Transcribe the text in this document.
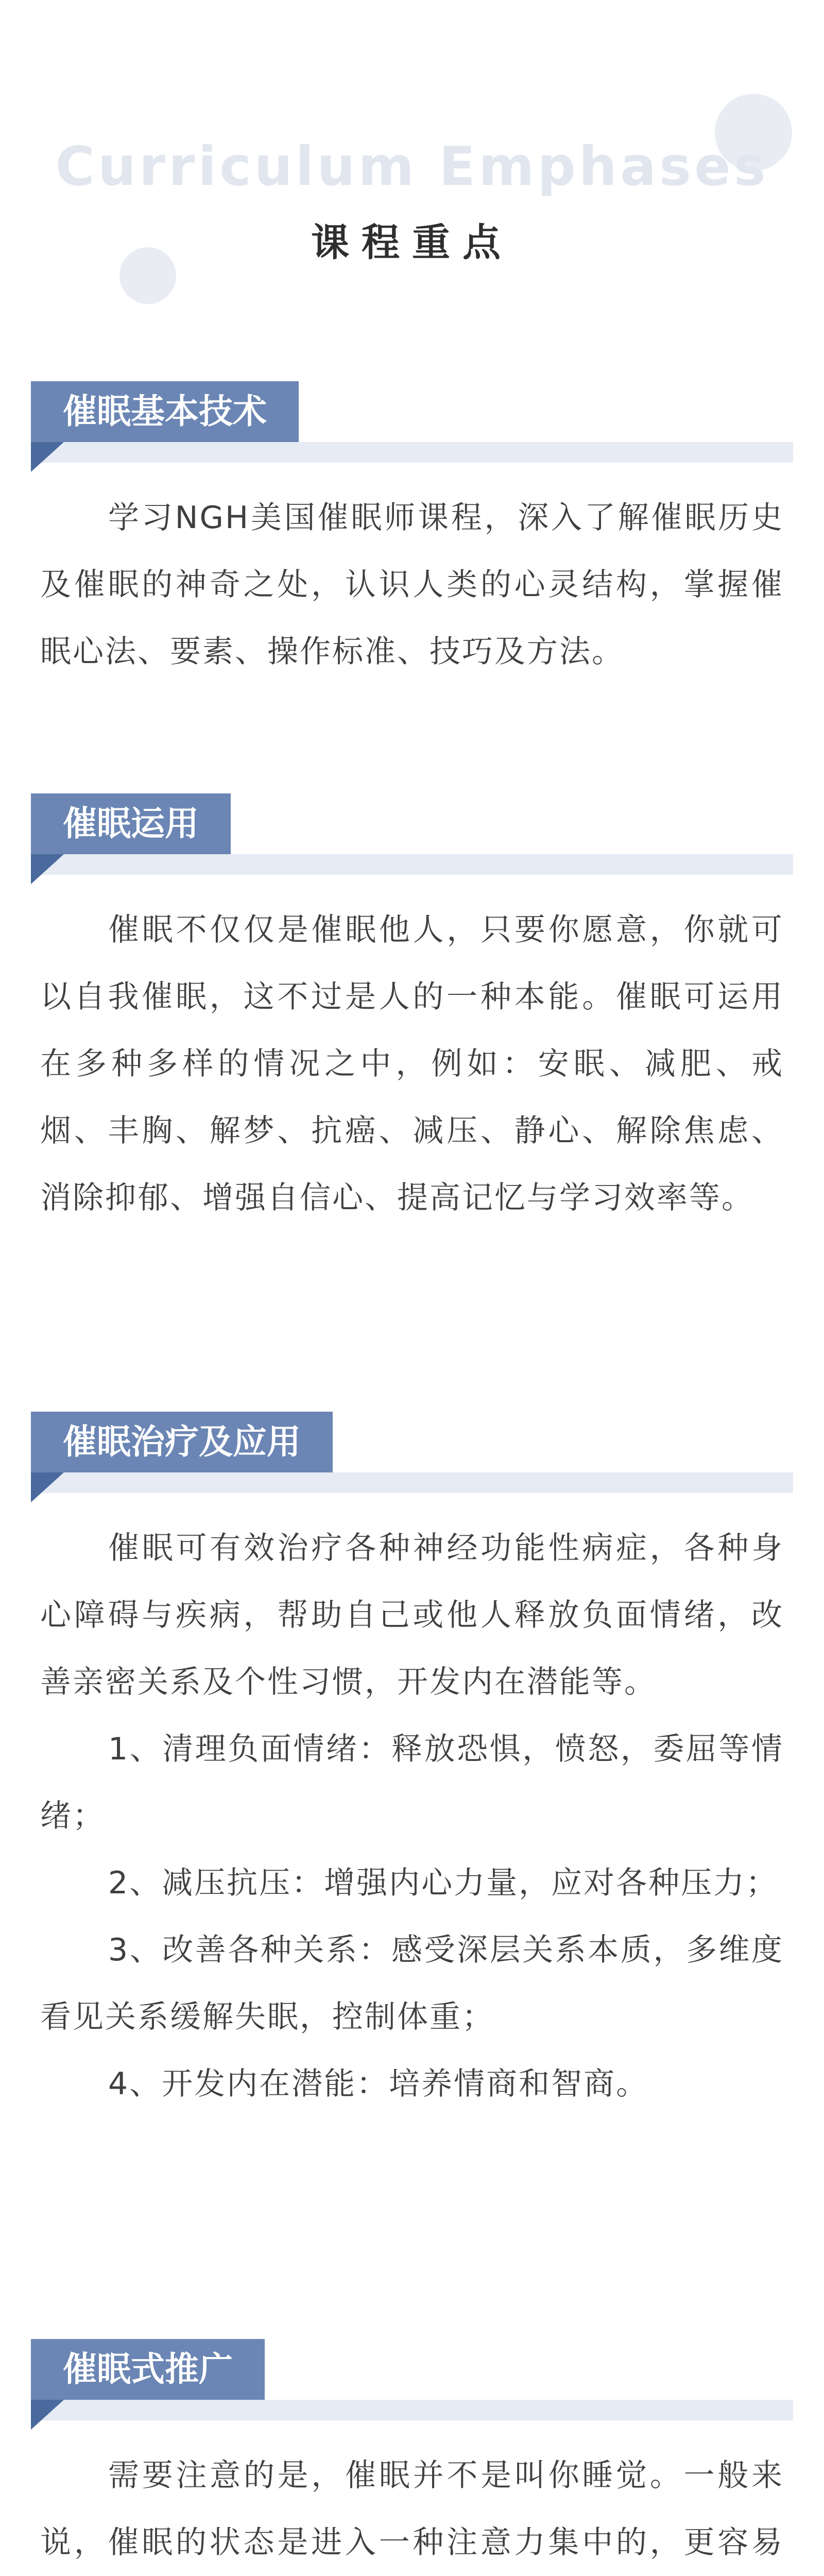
Curriculum Emphases
课程重点
催眠基本技术

学习NGH美国催眠师课程，深入了解催眠历史及催眠的神奇之处，认识人类的心灵结构，掌握催眠心法、要素、操作标准、技巧及方法。

催眠运用

催眠不仅仅是催眠他人，只要你愿意，你就可以自我催眠，这不过是人的一种本能。催眠可运用在多种多样的情况之中，例如：安眠、减肥、戒烟、丰胸、解梦、抗癌、减压、静心、解除焦虑、消除抑郁、增强自信心、提高记忆与学习效率等。

催眠治疗及应用

催眠可有效治疗各种神经功能性病症，各种身心障碍与疾病，帮助自己或他人释放负面情绪，改善亲密关系及个性习惯，开发内在潜能等。

1、清理负面情绪：释放恐惧，愤怒，委屈等情绪；

2、减压抗压：增强内心力量，应对各种压力；

3、改善各种关系：感受深层关系本质，多维度看见关系缓解失眠，控制体重；

4、开发内在潜能：培养情商和智商。

催眠式推广

需要注意的是，催眠并不是叫你睡觉。一般来说，催眠的状态是进入一种注意力集中的，更容易
